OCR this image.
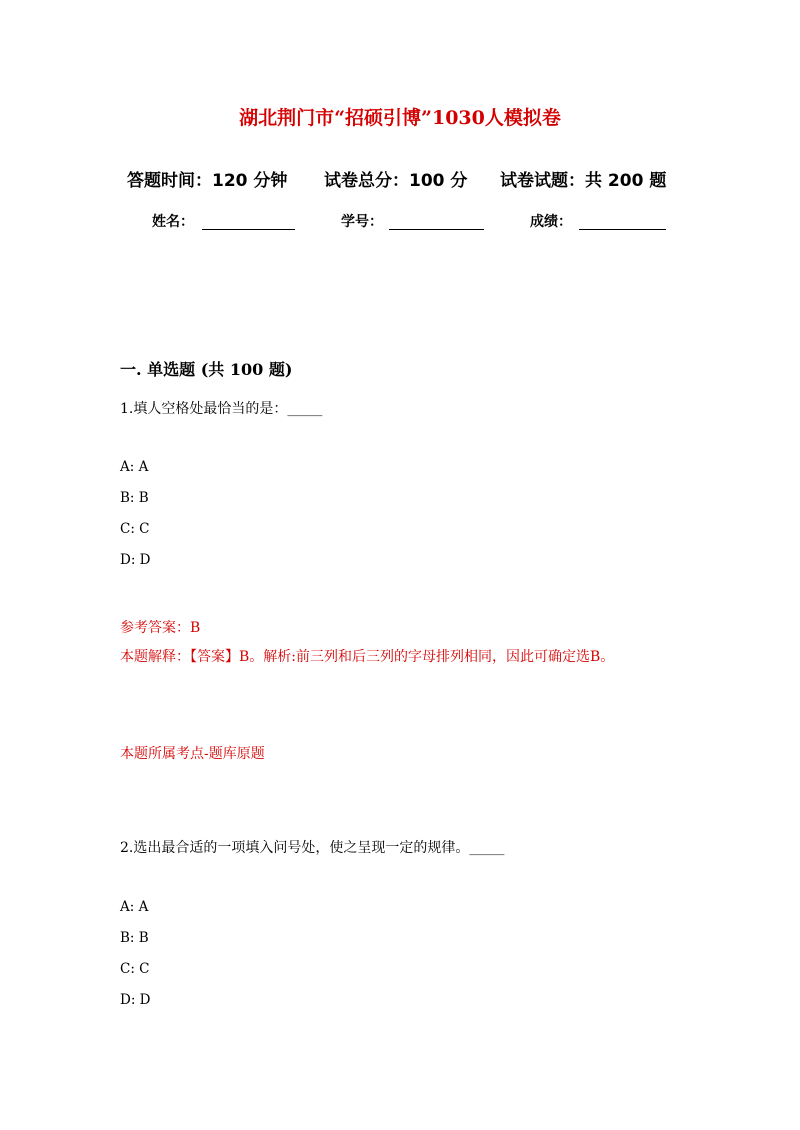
湖北荆门市“招硕引博”1030人模拟卷
答题时间：120 分钟 试卷总分：100 分 试卷试题：共 200 题
姓名：	学号：	成绩：
一. 单选题 (共 100 题)
1.填人空格处最恰当的是：_____
A: A
B: B
C: C
D: D
参考答案：B
本题解释：【答案】B。解析:前三列和后三列的字母排列相同，因此可确定选B。
本题所属考点-题库原题
2.选出最合适的一项填入问号处，使之呈现一定的规律。_____
A: A
B: B
C: C
D: D
